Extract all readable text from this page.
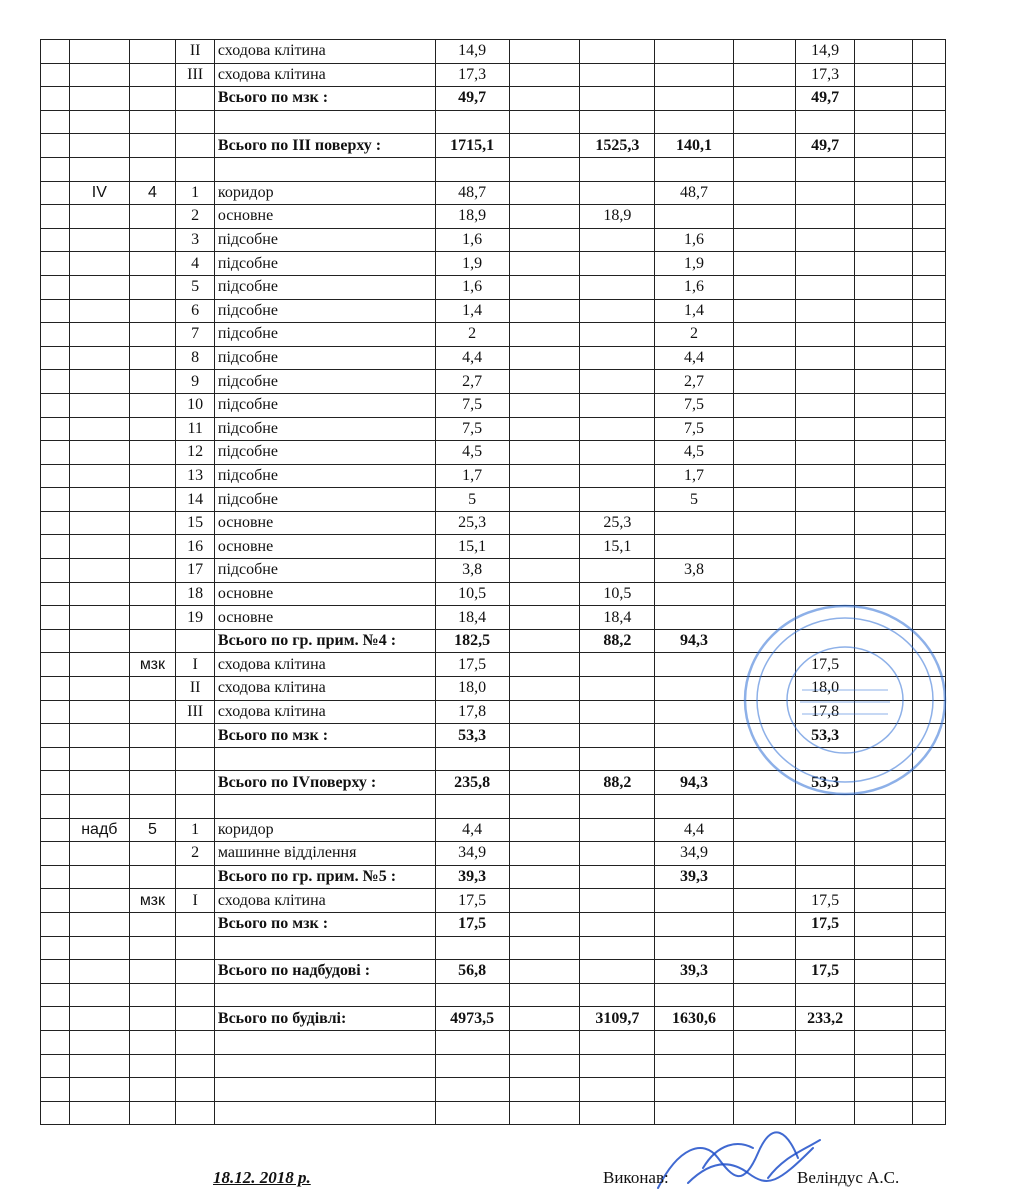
			II	сходова клітина	14,9					14,9		
			III	сходова клітина	17,3					17,3		
				Всього по мзк :	49,7					49,7		

				Всього по III поверху :	1715,1		1525,3	140,1		49,7		

	IV	4	1	коридор	48,7			48,7				
			2	основне	18,9		18,9					
			3	підсобне	1,6			1,6				
			4	підсобне	1,9			1,9				
			5	підсобне	1,6			1,6				
			6	підсобне	1,4			1,4				
			7	підсобне	2			2				
			8	підсобне	4,4			4,4				
			9	підсобне	2,7			2,7				
			10	підсобне	7,5			7,5				
			11	підсобне	7,5			7,5				
			12	підсобне	4,5			4,5				
			13	підсобне	1,7			1,7				
			14	підсобне	5			5				
			15	основне	25,3		25,3					
			16	основне	15,1		15,1					
			17	підсобне	3,8			3,8				
			18	основне	10,5		10,5					
			19	основне	18,4		18,4					
				Всього по гр. прим. №4 :	182,5		88,2	94,3				
		мзк	I	сходова клітина	17,5					17,5		
			II	сходова клітина	18,0					18,0		
			III	сходова клітина	17,8					17,8		
				Всього по мзк :	53,3					53,3		

				Всього по IVповерху :	235,8		88,2	94,3		53,3		

	надб	5	1	коридор	4,4			4,4				
			2	машинне відділення	34,9			34,9				
				Всього по гр. прим. №5 :	39,3			39,3				
		мзк	I	сходова клітина	17,5					17,5		
				Всього по мзк :	17,5					17,5		

				Всього по надбудові :	56,8			39,3		17,5		

				Всього по будівлі:	4973,5		3109,7	1630,6		233,2		

18.12. 2018 р.	Виконав:	Веліндус А.С.
